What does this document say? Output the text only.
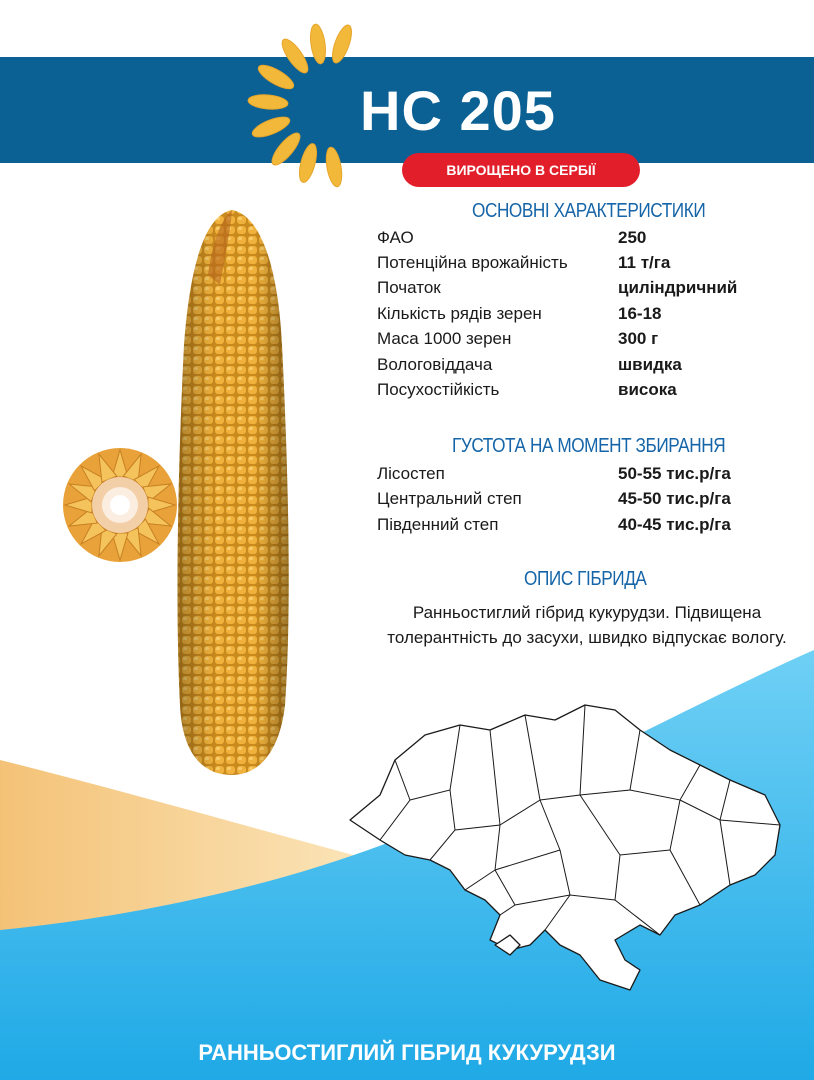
НС 205
ВИРОЩЕНО В СЕРБІЇ
ОСНОВНІ ХАРАКТЕРИСТИКИ
ФАО	250
Потенційна врожайність	11 т/га
Початок	циліндричний
Кількість рядів зерен	16-18
Маса 1000 зерен	300 г
Вологовіддача	швидка
Посухостійкість	висока
ГУСТОТА НА МОМЕНТ ЗБИРАННЯ
Лісостеп	50-55 тис.р/га
Центральний степ	45-50 тис.р/га
Південний степ	40-45 тис.р/га
ОПИС ГІБРИДА
Ранньостиглий гібрид кукурудзи. Підвищена толерантність до засухи, швидко відпускає вологу.
РАННЬОСТИГЛИЙ ГІБРИД КУКУРУДЗИ
